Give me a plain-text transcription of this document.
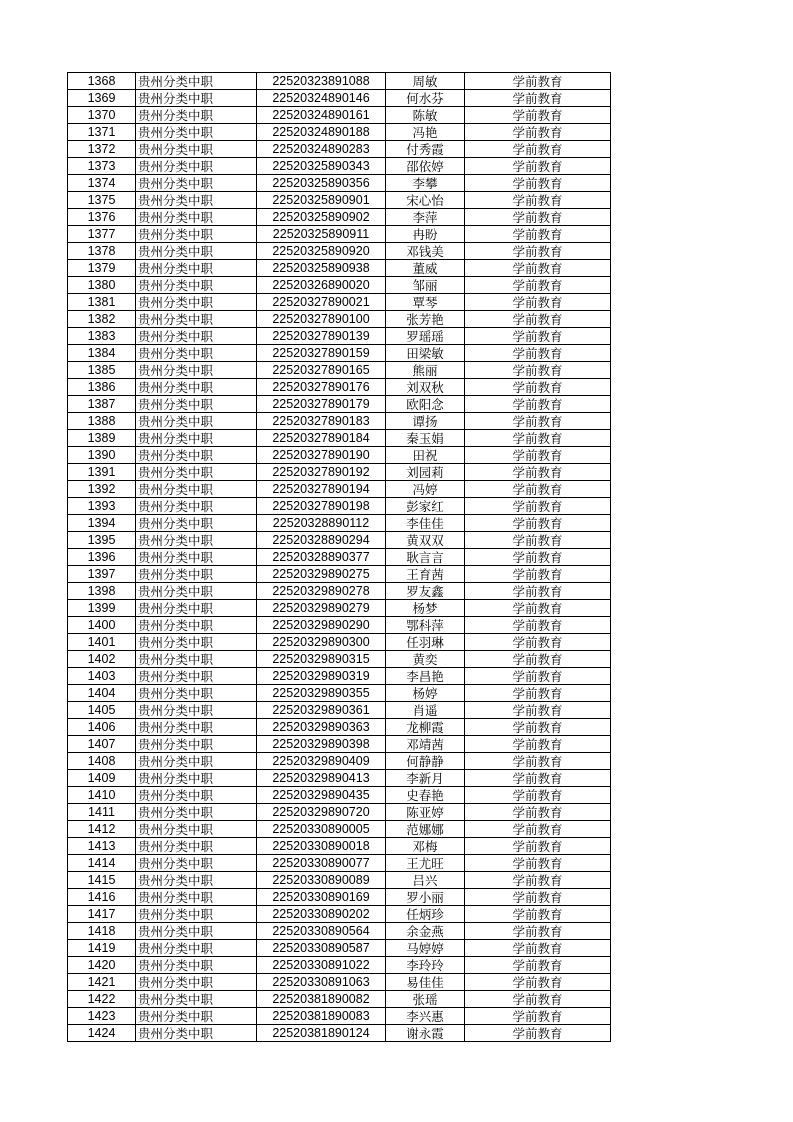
1368	贵州分类中职	22520323891088	周敏	学前教育
1369	贵州分类中职	22520324890146	何水芬	学前教育
1370	贵州分类中职	22520324890161	陈敏	学前教育
1371	贵州分类中职	22520324890188	冯艳	学前教育
1372	贵州分类中职	22520324890283	付秀霞	学前教育
1373	贵州分类中职	22520325890343	邵依婷	学前教育
1374	贵州分类中职	22520325890356	李攀	学前教育
1375	贵州分类中职	22520325890901	宋心怡	学前教育
1376	贵州分类中职	22520325890902	李萍	学前教育
1377	贵州分类中职	22520325890911	冉盼	学前教育
1378	贵州分类中职	22520325890920	邓钱美	学前教育
1379	贵州分类中职	22520325890938	董威	学前教育
1380	贵州分类中职	22520326890020	邹丽	学前教育
1381	贵州分类中职	22520327890021	覃琴	学前教育
1382	贵州分类中职	22520327890100	张芳艳	学前教育
1383	贵州分类中职	22520327890139	罗瑶瑶	学前教育
1384	贵州分类中职	22520327890159	田梁敏	学前教育
1385	贵州分类中职	22520327890165	熊丽	学前教育
1386	贵州分类中职	22520327890176	刘双秋	学前教育
1387	贵州分类中职	22520327890179	欧阳念	学前教育
1388	贵州分类中职	22520327890183	谭扬	学前教育
1389	贵州分类中职	22520327890184	秦玉娟	学前教育
1390	贵州分类中职	22520327890190	田祝	学前教育
1391	贵州分类中职	22520327890192	刘园莉	学前教育
1392	贵州分类中职	22520327890194	冯婷	学前教育
1393	贵州分类中职	22520327890198	彭家红	学前教育
1394	贵州分类中职	22520328890112	李佳佳	学前教育
1395	贵州分类中职	22520328890294	黄双双	学前教育
1396	贵州分类中职	22520328890377	耿言言	学前教育
1397	贵州分类中职	22520329890275	王育茜	学前教育
1398	贵州分类中职	22520329890278	罗友鑫	学前教育
1399	贵州分类中职	22520329890279	杨梦	学前教育
1400	贵州分类中职	22520329890290	鄂科萍	学前教育
1401	贵州分类中职	22520329890300	任羽琳	学前教育
1402	贵州分类中职	22520329890315	黄奕	学前教育
1403	贵州分类中职	22520329890319	李昌艳	学前教育
1404	贵州分类中职	22520329890355	杨婷	学前教育
1405	贵州分类中职	22520329890361	肖遥	学前教育
1406	贵州分类中职	22520329890363	龙柳霞	学前教育
1407	贵州分类中职	22520329890398	邓靖茜	学前教育
1408	贵州分类中职	22520329890409	何静静	学前教育
1409	贵州分类中职	22520329890413	李新月	学前教育
1410	贵州分类中职	22520329890435	史春艳	学前教育
1411	贵州分类中职	22520329890720	陈亚婷	学前教育
1412	贵州分类中职	22520330890005	范娜娜	学前教育
1413	贵州分类中职	22520330890018	邓梅	学前教育
1414	贵州分类中职	22520330890077	王尤旺	学前教育
1415	贵州分类中职	22520330890089	吕兴	学前教育
1416	贵州分类中职	22520330890169	罗小丽	学前教育
1417	贵州分类中职	22520330890202	任炳珍	学前教育
1418	贵州分类中职	22520330890564	余金燕	学前教育
1419	贵州分类中职	22520330890587	马婷婷	学前教育
1420	贵州分类中职	22520330891022	李玲玲	学前教育
1421	贵州分类中职	22520330891063	易佳佳	学前教育
1422	贵州分类中职	22520381890082	张瑶	学前教育
1423	贵州分类中职	22520381890083	李兴惠	学前教育
1424	贵州分类中职	22520381890124	谢永霞	学前教育
